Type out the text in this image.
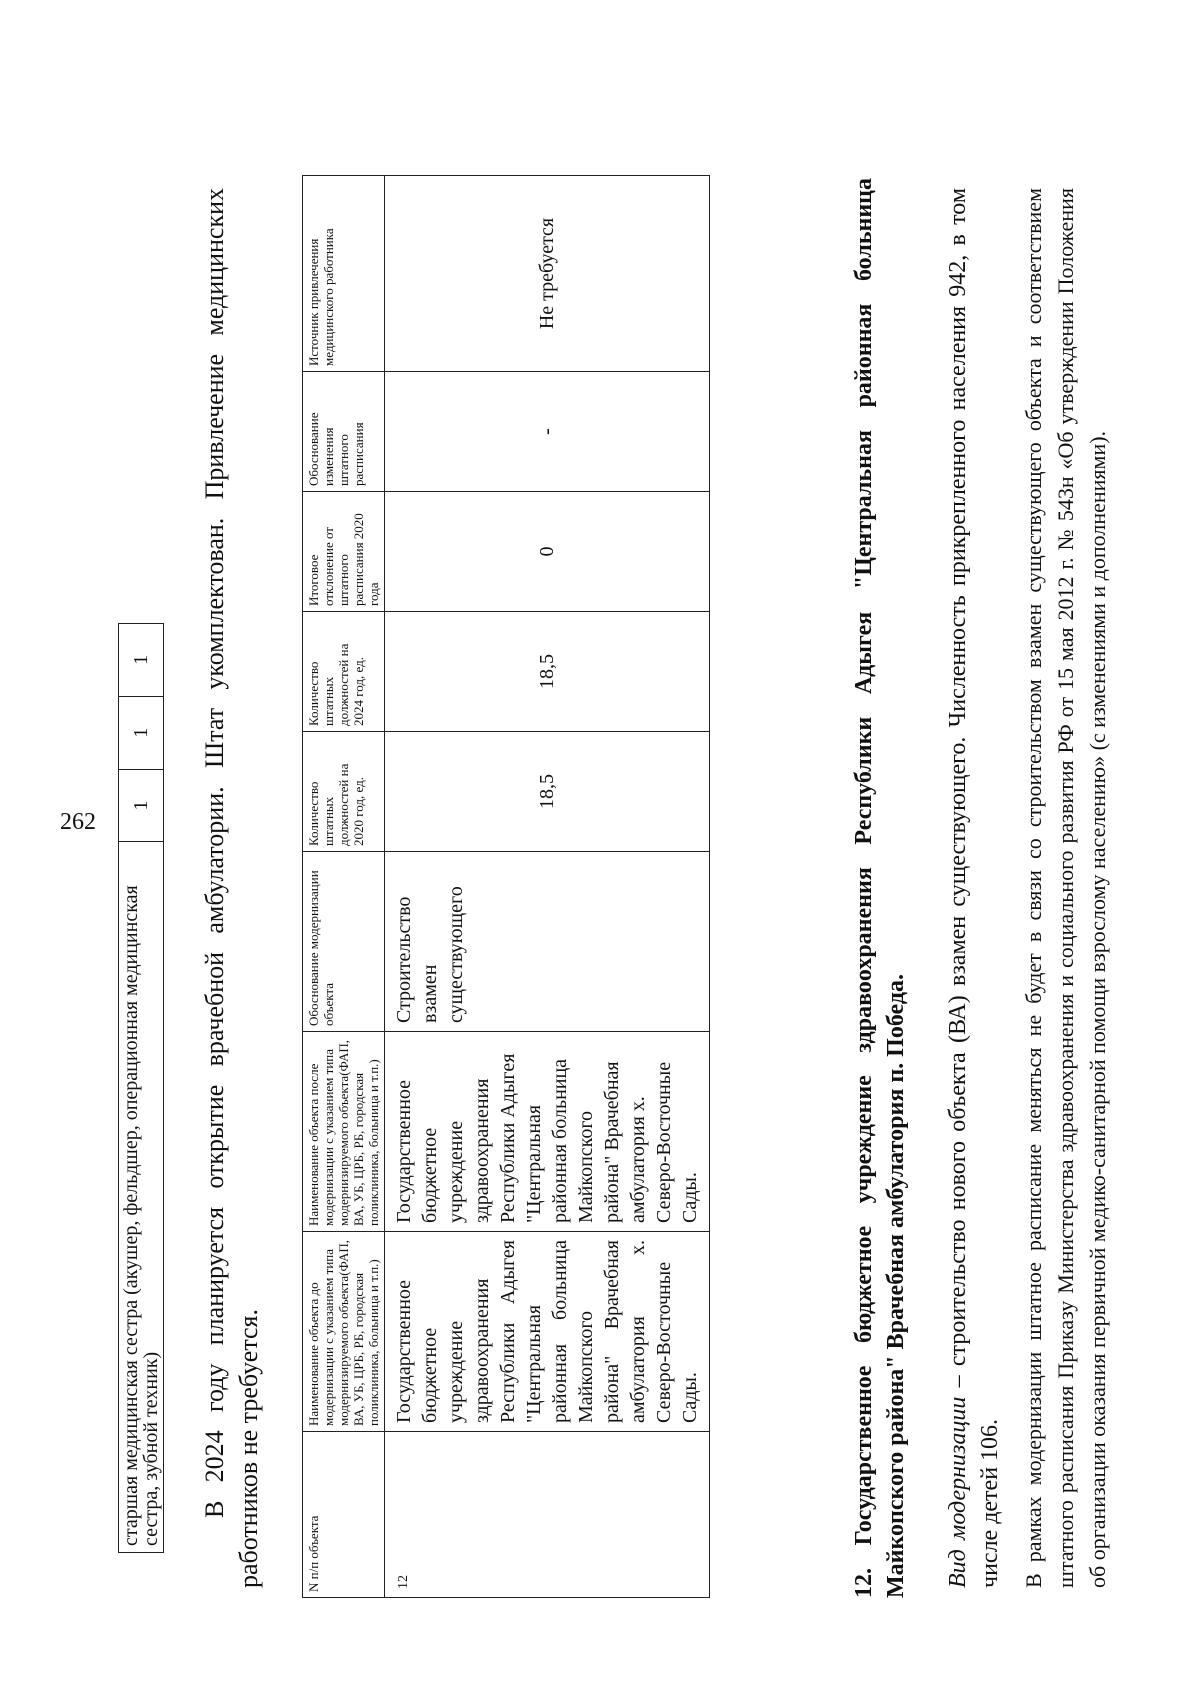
262
старшая медицинская сестра (акушер, фельдшер, операционная медицинская сестра, зубной техник)	1	1	1 В 2024 году планируется открытие врачебной амбулатории. Штат укомплектован. Привлечение медицинских работников не требуется.	N п/п объекта	Наименование объекта до модернизации с указанием типа модернизируемого объекта(ФАП, ВА, УБ, ЦРБ, РБ, городская поликлиника, больница и т.п.)	Наименование объекта после модернизации с указанием типа модернизируемого объекта(ФАП, ВА, УБ, ЦРБ, РБ, городская поликлиника, больница и т.п.)	Обоснование модернизации объекта	Количество штатных должностей на 2020 год, ед.	Количество штатных должностей на 2024 год, ед.	Итоговое отклонение от штатного расписания 2020 года	Обоснование изменения штатного расписания	Источник привлечения медицинского работника
12	Государственное бюджетное учреждение здравоохранения Республики Адыгея "Центральная районная больница Майкопского района" Врачебная амбулатория х. Северо-Восточные Сады.	Государственное бюджетное учреждение здравоохранения Республики Адыгея "Центральная районная больница Майкопского района" Врачебная амбулатория х. Северо-Восточные Сады.	Строительство взамен существующего	18,5	18,5	0	-	Не требуется	12. Государственное бюджетное учреждение здравоохранения Республики Адыгея "Центральная районная больница Майкопского района" Врачебная амбулатория п. Победа. Вид модернизации – строительство нового объекта (ВА) взамен существующего. Численность прикрепленного населения 942, в том числе детей 106. В рамках модернизации штатное расписание меняться не будет в связи со строительством взамен существующего объекта и соответствием штатного расписания Приказу Министерства здравоохранения и социального развития РФ от 15 мая 2012 г. № 543н «Об утверждении Положения об организации оказания первичной медико-санитарной помощи взрослому населению» (с изменениями и дополнениями).
